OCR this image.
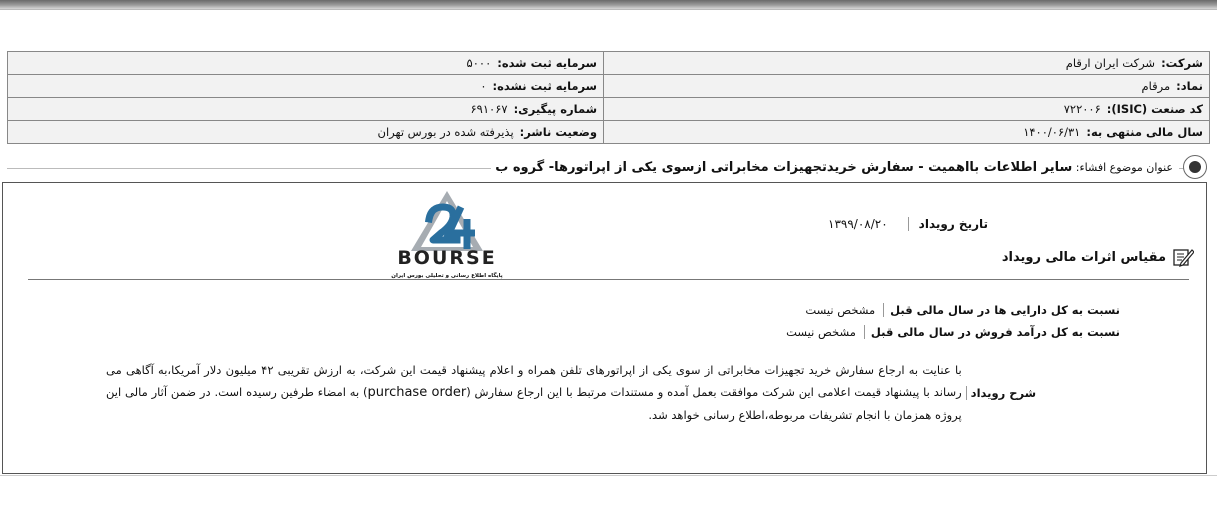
شرکت:شرکت ایران ارقام	سرمایه ثبت شده:۵۰۰۰
نماد:مرقام	سرمایه ثبت نشده:۰
کد صنعت (ISIC):۷۲۲۰۰۶	شماره پیگیری:۶۹۱۰۶۷
سال مالی منتهی به:۱۴۰۰/۰۶/۳۱	وضعیت ناشر:پذیرفته شده در بورس تهران
عنوان موضوع افشاء: سایر اطلاعات بااهمیت - سفارش خریدتجهیزات مخابراتی ازسوی یکی از اپراتورها- گروه ب
BOURSE
پایگاه اطلاع رسانی و تحلیلی بورس ایران
تاریخ رویداد
۱۳۹۹/۰۸/۲۰
مقیاس اثرات مالی رویداد
نسبت به کل دارایی ها در سال مالی قبل
مشخص نیست
نسبت به کل درآمد فروش در سال مالی قبل
مشخص نیست
شرح رویداد
با عنایت به ارجاع سفارش خرید تجهیزات مخابراتی از سوی یکی از اپراتورهای تلفن همراه و اعلام پیشنهاد قیمت این شرکت، به ارزش تقریبی ۴۲ میلیون دلار آمریکا،به آگاهی می رساند با پیشنهاد قیمت اعلامی این شرکت موافقت بعمل آمده و مستندات مرتبط با این ارجاع سفارش (purchase order) به امضاء طرفین رسیده است. در ضمن آثار مالی این پروژه همزمان با انجام تشریفات مربوطه،اطلاع رسانی خواهد شد.
